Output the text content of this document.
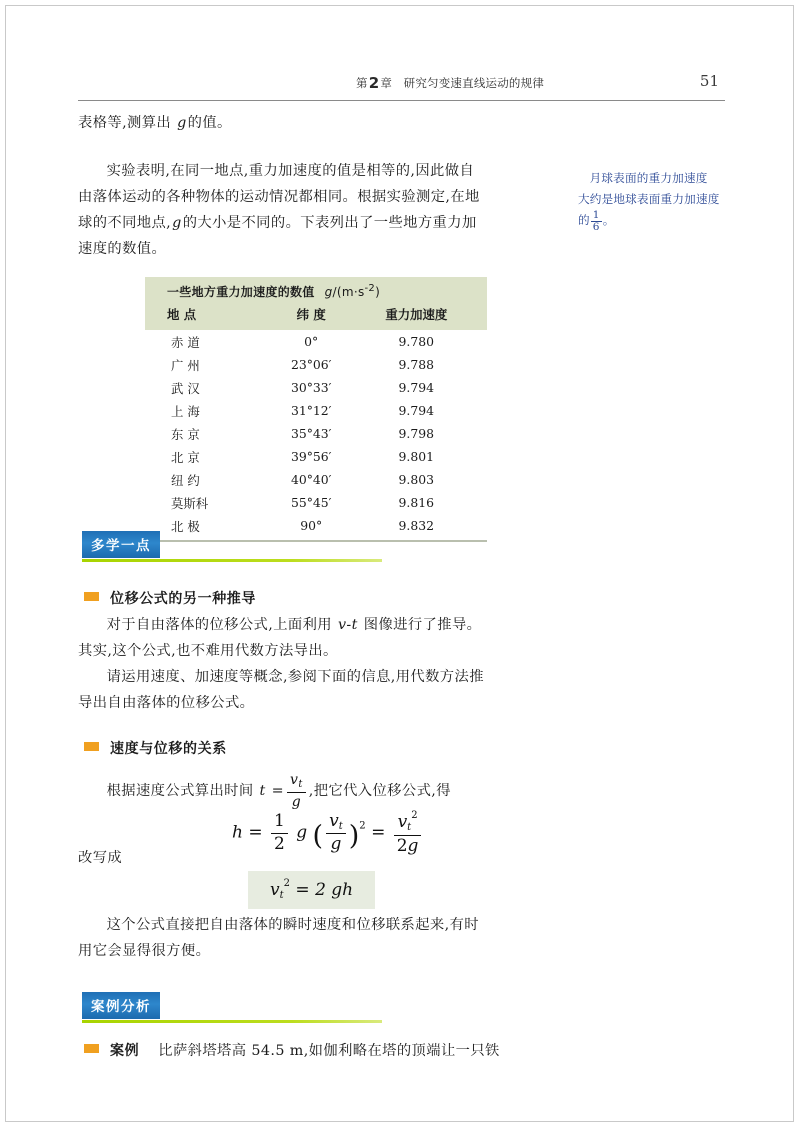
第2章 研究匀变速直线运动的规律	51
表格等,测算出 g的值。
实验表明,在同一地点,重力加速度的值是相等的,因此做自
由落体运动的各种物体的运动情况都相同。根据实验测定,在地
球的不同地点,g的大小是不同的。下表列出了一些地方重力加
速度的数值。
月球表面的重力加速度
大约是地球表面重力加速度
的 $\frac{1}{6}$ 。
一些地方重力加速度的数值 $g/(m\cdot s^{-2})$		
地 点	纬 度	重力加速度
赤道	0°	9.780
广州	23°06′	9.788
武汉	30°33′	9.794
上海	31°12′	9.794
东京	35°43′	9.798
北京	39°56′	9.801
纽约	40°40′	9.803
莫斯科	55°45′	9.816
北极	90°	9.832
多学一点
位移公式的另一种推导
对于自由落体的位移公式,上面利用 v-t 图像进行了推导。
其实,这个公式,也不难用代数方法导出。
请运用速度、加速度等概念,参阅下面的信息,用代数方法推
导出自由落体的位移公式。
速度与位移的关系
根据速度公式算出时间 $t = \frac{v_t}{g}$ ,把它代入位移公式,得
$h = \frac{1}{2}$ g ( $\frac{v_t}{g} )^2 = \frac{v_t^2}{2g}$
改写成
$v_t^2 = 2$ gh
这个公式直接把自由落体的瞬时速度和位移联系起来,有时
用它会显得很方便。
案例分析
案例 比萨斜塔塔高 54.5 m,如伽利略在塔的顶端让一只铁
